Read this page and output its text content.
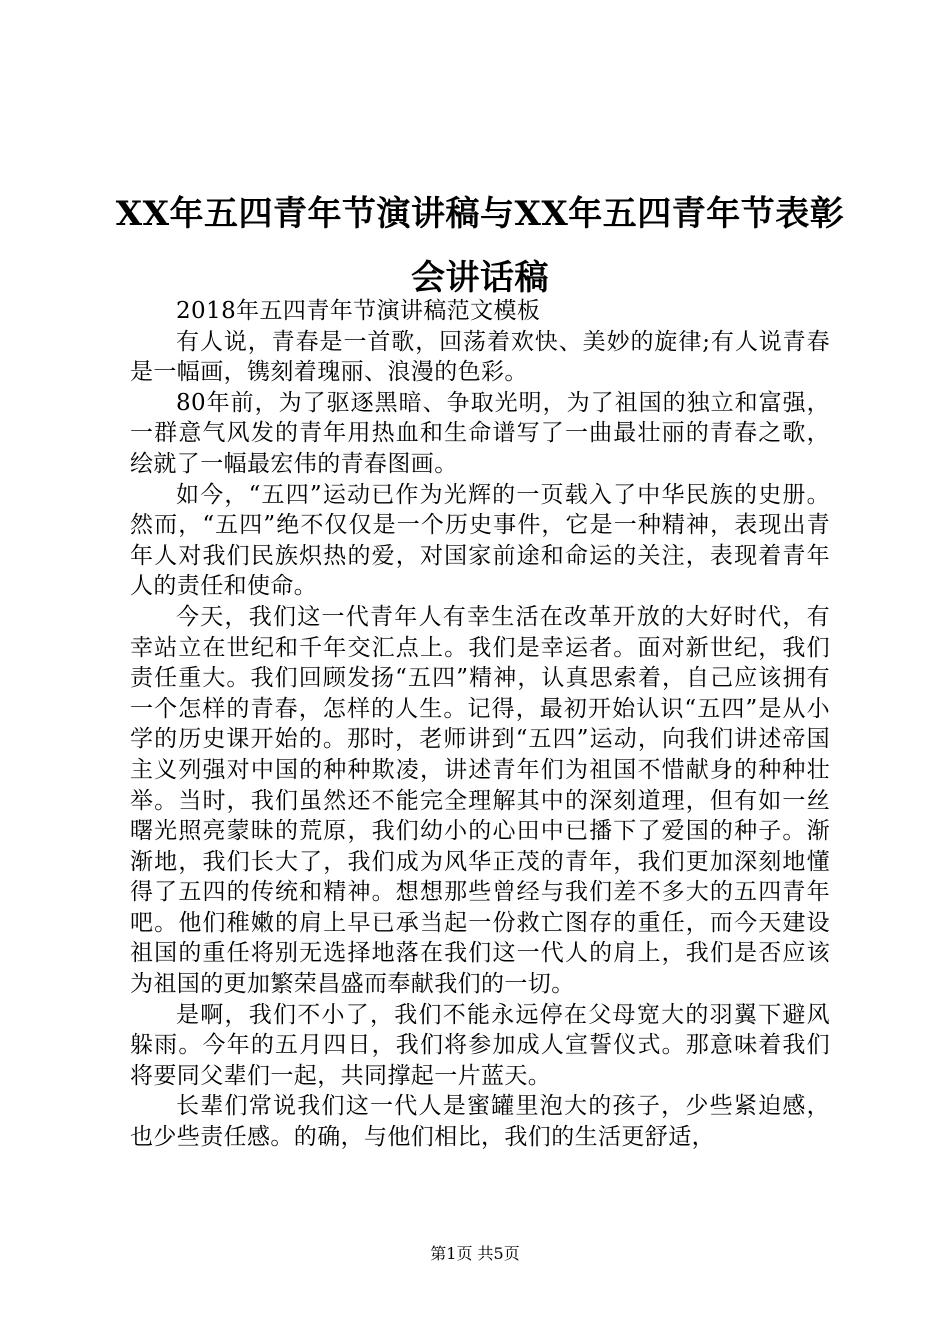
XX年五四青年节演讲稿与XX年五四青年节表彰会讲话稿

2018年五四青年节演讲稿范文模板

有人说，青春是一首歌，回荡着欢快、美妙的旋律;有人说青春是一幅画，镌刻着瑰丽、浪漫的色彩。

80年前，为了驱逐黑暗、争取光明，为了祖国的独立和富强，一群意气风发的青年用热血和生命谱写了一曲最壮丽的青春之歌，绘就了一幅最宏伟的青春图画。

如今，“五四”运动已作为光辉的一页载入了中华民族的史册。然而，“五四”绝不仅仅是一个历史事件，它是一种精神，表现出青年人对我们民族炽热的爱，对国家前途和命运的关注，表现着青年人的责任和使命。

今天，我们这一代青年人有幸生活在改革开放的大好时代，有幸站立在世纪和千年交汇点上。我们是幸运者。面对新世纪，我们责任重大。我们回顾发扬“五四”精神，认真思索着，自己应该拥有一个怎样的青春，怎样的人生。记得，最初开始认识“五四”是从小学的历史课开始的。那时，老师讲到“五四”运动，向我们讲述帝国主义列强对中国的种种欺凌，讲述青年们为祖国不惜献身的种种壮举。当时，我们虽然还不能完全理解其中的深刻道理，但有如一丝曙光照亮蒙昧的荒原，我们幼小的心田中已播下了爱国的种子。渐渐地，我们长大了，我们成为风华正茂的青年，我们更加深刻地懂得了五四的传统和精神。想想那些曾经与我们差不多大的五四青年吧。他们稚嫩的肩上早已承当起一份救亡图存的重任，而今天建设祖国的重任将别无选择地落在我们这一代人的肩上，我们是否应该为祖国的更加繁荣昌盛而奉献我们的一切。

是啊，我们不小了，我们不能永远停在父母宽大的羽翼下避风躲雨。今年的五月四日，我们将参加成人宣誓仪式。那意味着我们将要同父辈们一起，共同撑起一片蓝天。

长辈们常说我们这一代人是蜜罐里泡大的孩子，少些紧迫感，也少些责任感。的确，与他们相比，我们的生活更舒适，

第1页 共5页
